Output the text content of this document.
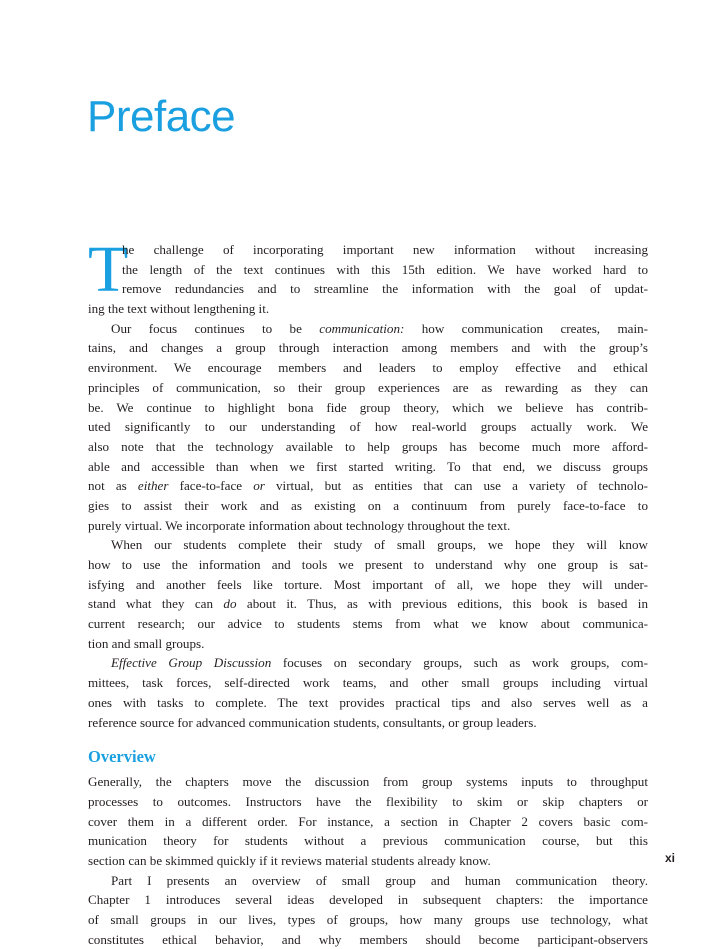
Preface
T
he challenge of incorporating important new information without increasing
the length of the text continues with this 15th edition. We have worked hard to
remove redundancies and to streamline the information with the goal of updat-
ing the text without lengthening it.
Our focus continues to be communication: how communication creates, main-
tains, and changes a group through interaction among members and with the group’s
environment. We encourage members and leaders to employ effective and ethical
principles of communication, so their group experiences are as rewarding as they can
be. We continue to highlight bona fide group theory, which we believe has contrib-
uted significantly to our understanding of how real-world groups actually work. We
also note that the technology available to help groups has become much more afford-
able and accessible than when we first started writing. To that end, we discuss groups
not as either face-to-face or virtual, but as entities that can use a variety of technolo-
gies to assist their work and as existing on a continuum from purely face-to-face to
purely virtual. We incorporate information about technology throughout the text.
When our students complete their study of small groups, we hope they will know
how to use the information and tools we present to understand why one group is sat-
isfying and another feels like torture. Most important of all, we hope they will under-
stand what they can do about it. Thus, as with previous editions, this book is based in
current research; our advice to students stems from what we know about communica-
tion and small groups.
Effective Group Discussion focuses on secondary groups, such as work groups, com-
mittees, task forces, self-directed work teams, and other small groups including virtual
ones with tasks to complete. The text provides practical tips and also serves well as a
reference source for advanced communication students, consultants, or group leaders.
Overview
Generally, the chapters move the discussion from group systems inputs to throughput
processes to outcomes. Instructors have the flexibility to skim or skip chapters or
cover them in a different order. For instance, a section in Chapter 2 covers basic com-
munication theory for students without a previous communication course, but this
section can be skimmed quickly if it reviews material students already know.
Part I presents an overview of small group and human communication theory.
Chapter 1 introduces several ideas developed in subsequent chapters: the importance
of small groups in our lives, types of groups, how many groups use technology, what
constitutes ethical behavior, and why members should become participant-observers
xi
